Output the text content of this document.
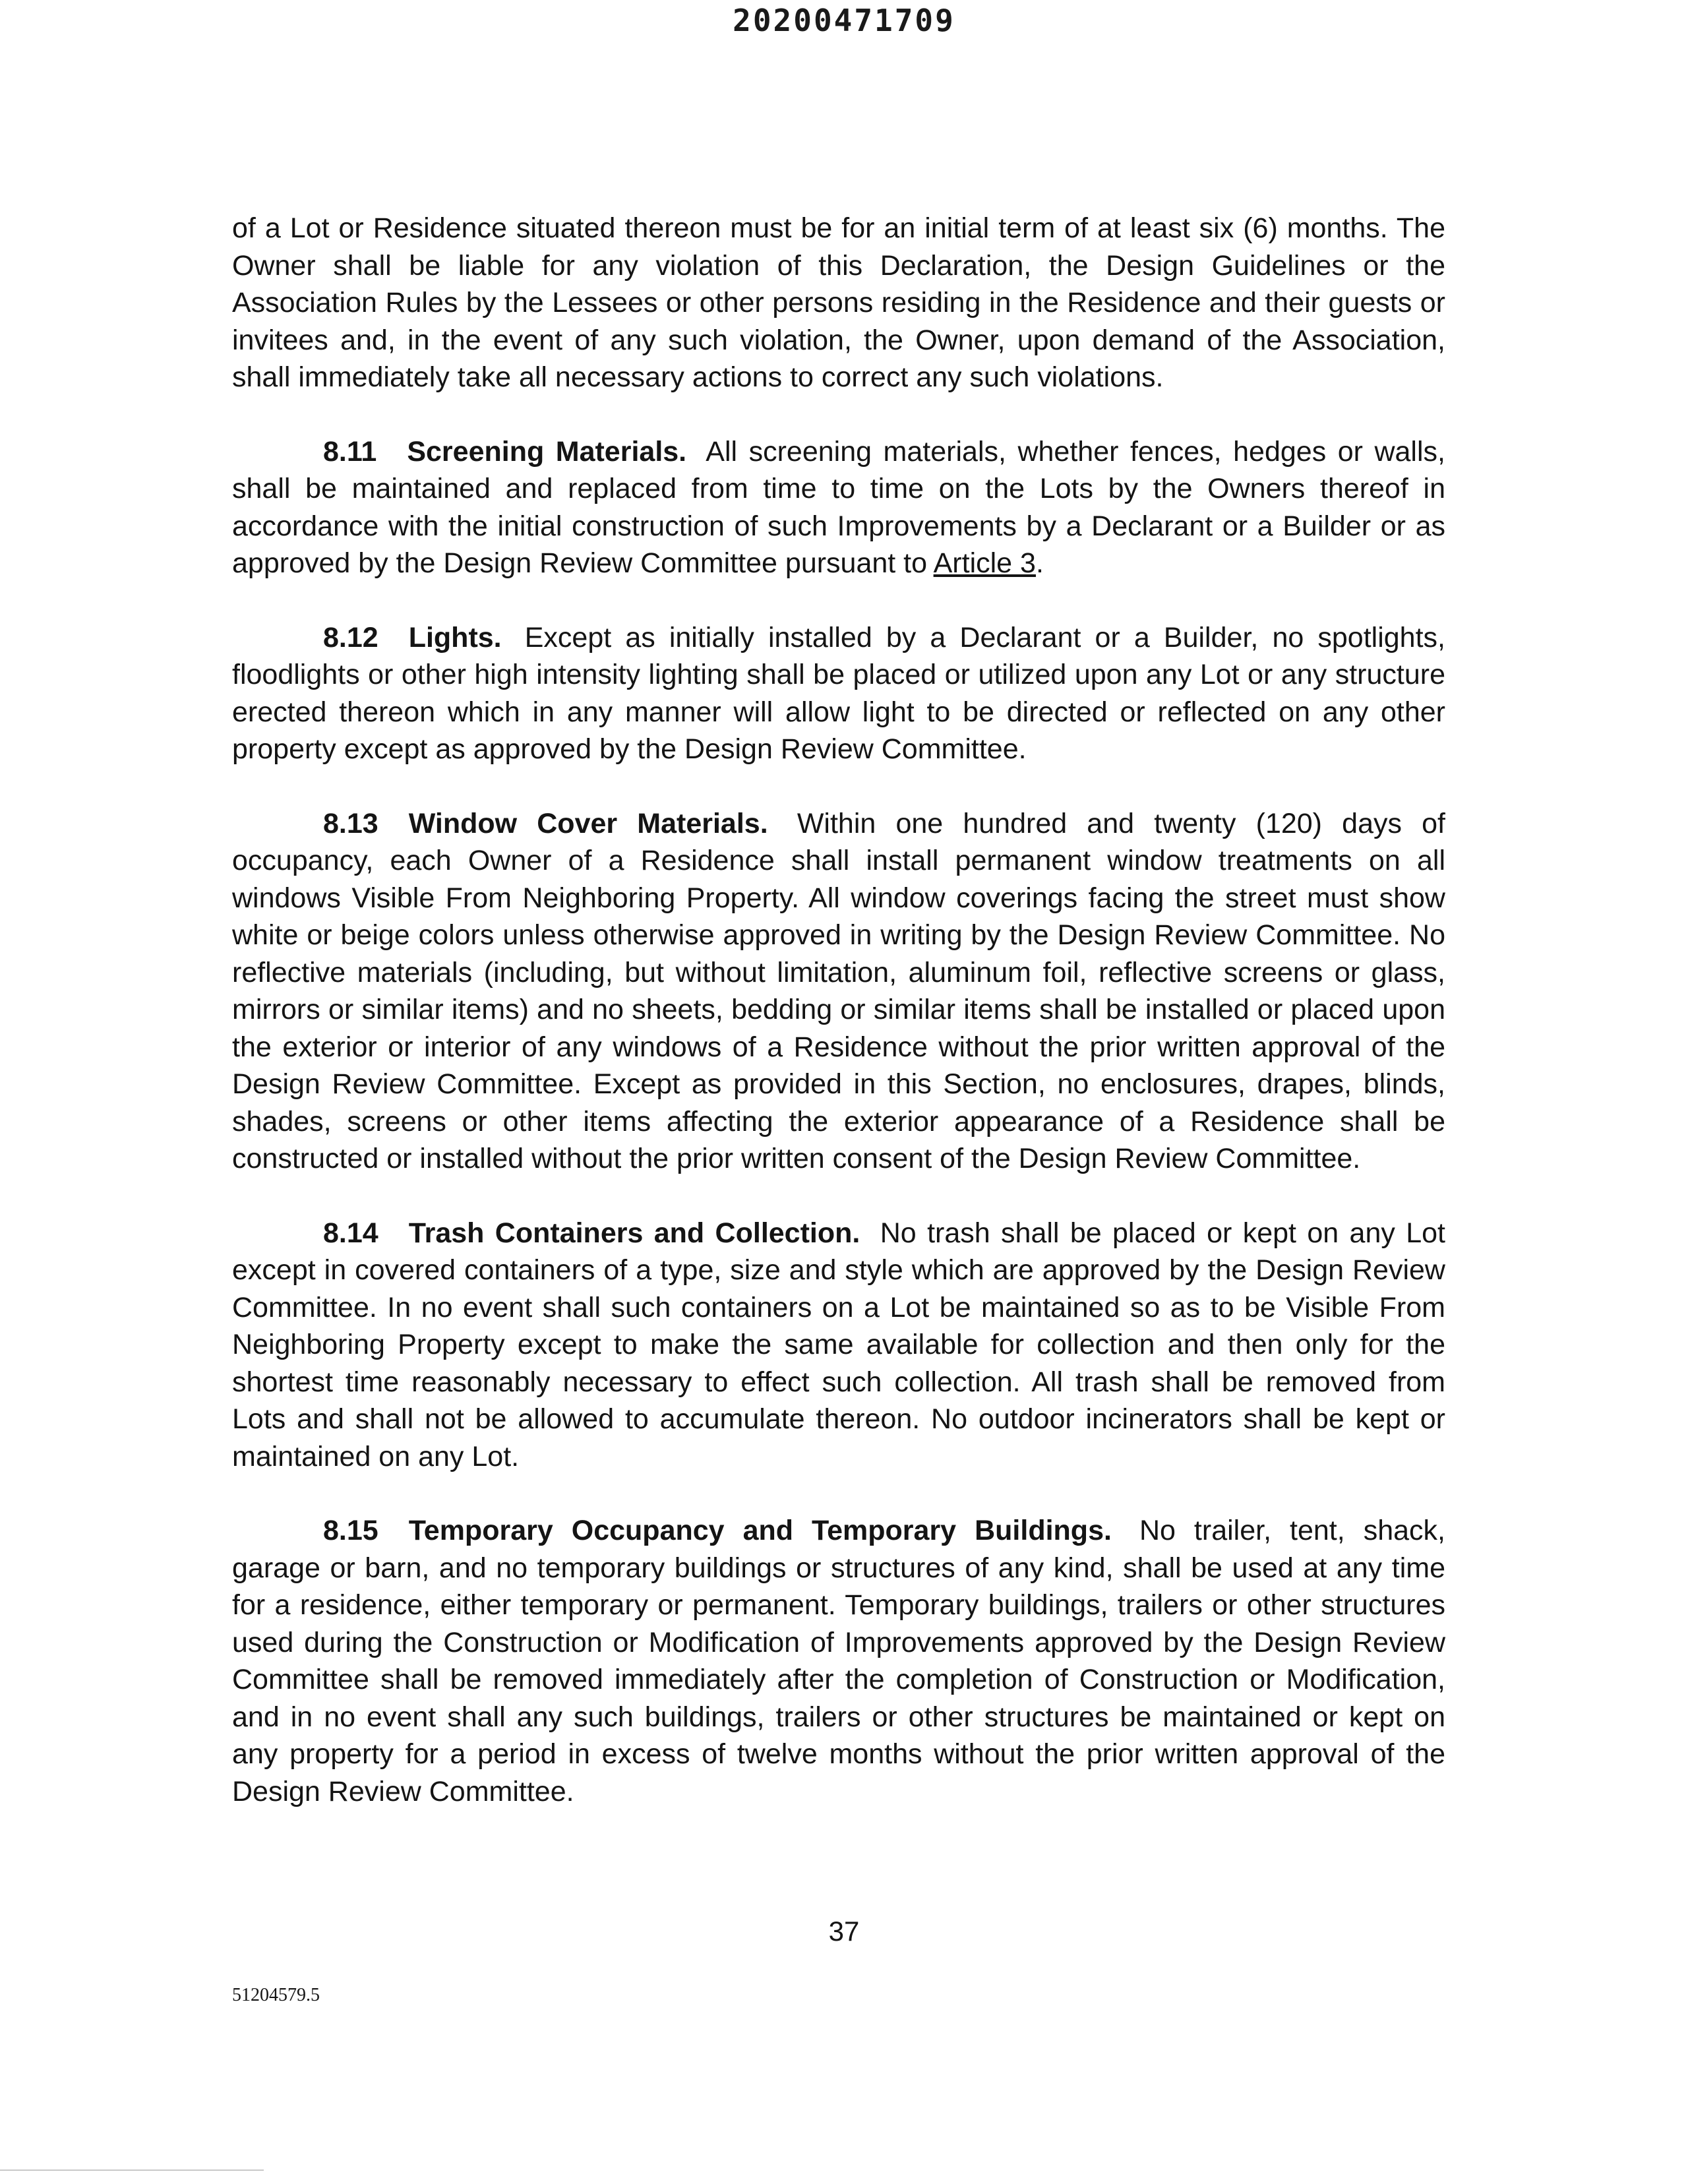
20200471709

of a Lot or Residence situated thereon must be for an initial term of at least six (6) months. The Owner shall be liable for any violation of this Declaration, the Design Guidelines or the Association Rules by the Lessees or other persons residing in the Residence and their guests or invitees and, in the event of any such violation, the Owner, upon demand of the Association, shall immediately take all necessary actions to correct any such violations.

8.11 Screening Materials. All screening materials, whether fences, hedges or walls, shall be maintained and replaced from time to time on the Lots by the Owners thereof in accordance with the initial construction of such Improvements by a Declarant or a Builder or as approved by the Design Review Committee pursuant to Article 3.

8.12 Lights. Except as initially installed by a Declarant or a Builder, no spotlights, floodlights or other high intensity lighting shall be placed or utilized upon any Lot or any structure erected thereon which in any manner will allow light to be directed or reflected on any other property except as approved by the Design Review Committee.

8.13 Window Cover Materials. Within one hundred and twenty (120) days of occupancy, each Owner of a Residence shall install permanent window treatments on all windows Visible From Neighboring Property. All window coverings facing the street must show white or beige colors unless otherwise approved in writing by the Design Review Committee. No reflective materials (including, but without limitation, aluminum foil, reflective screens or glass, mirrors or similar items) and no sheets, bedding or similar items shall be installed or placed upon the exterior or interior of any windows of a Residence without the prior written approval of the Design Review Committee. Except as provided in this Section, no enclosures, drapes, blinds, shades, screens or other items affecting the exterior appearance of a Residence shall be constructed or installed without the prior written consent of the Design Review Committee.

8.14 Trash Containers and Collection. No trash shall be placed or kept on any Lot except in covered containers of a type, size and style which are approved by the Design Review Committee. In no event shall such containers on a Lot be maintained so as to be Visible From Neighboring Property except to make the same available for collection and then only for the shortest time reasonably necessary to effect such collection. All trash shall be removed from Lots and shall not be allowed to accumulate thereon. No outdoor incinerators shall be kept or maintained on any Lot.

8.15 Temporary Occupancy and Temporary Buildings. No trailer, tent, shack, garage or barn, and no temporary buildings or structures of any kind, shall be used at any time for a residence, either temporary or permanent. Temporary buildings, trailers or other structures used during the Construction or Modification of Improvements approved by the Design Review Committee shall be removed immediately after the completion of Construction or Modification, and in no event shall any such buildings, trailers or other structures be maintained or kept on any property for a period in excess of twelve months without the prior written approval of the Design Review Committee.

37
51204579.5
